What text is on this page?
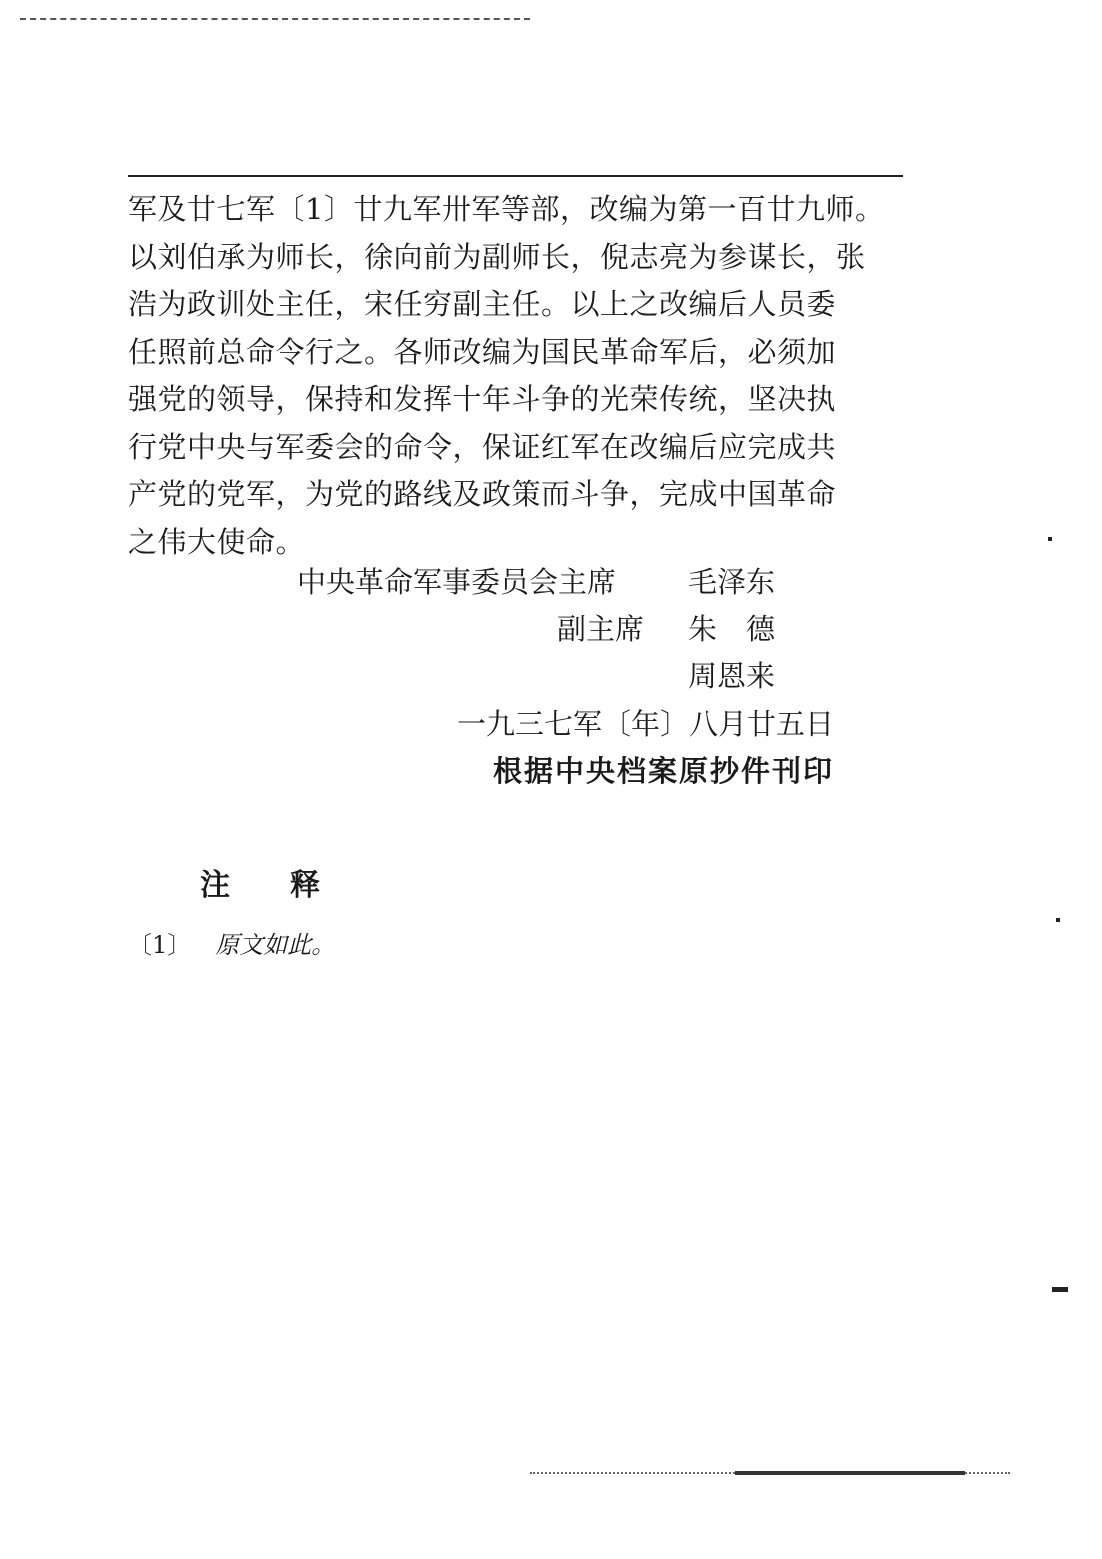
军及廿七军〔1〕廿九军卅军等部，改编为第一百廿九师。

以刘伯承为师长，徐向前为副师长，倪志亮为参谋长，张

浩为政训处主任，宋任穷副主任。以上之改编后人员委

任照前总命令行之。各师改编为国民革命军后，必须加

强党的领导，保持和发挥十年斗争的光荣传统，坚决执

行党中央与军委会的命令，保证红军在改编后应完成共

产党的党军，为党的路线及政策而斗争，完成中国革命

之伟大使命。

中央革命军事委员会主席 毛泽东
副主席 朱　德
周恩来
一九三七军〔年〕八月廿五日
根据中央档案原抄件刊印
注释
〔1〕 原文如此。
